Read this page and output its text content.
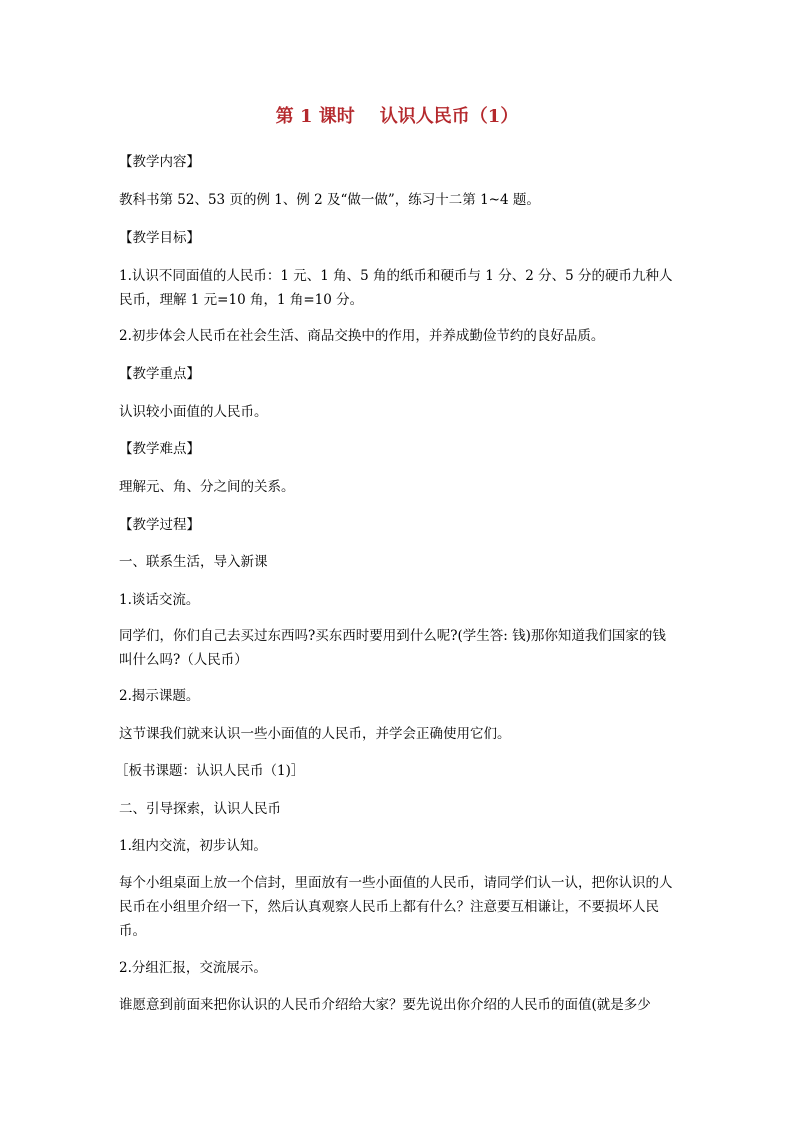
第 1 课时    认识人民币（1）

【教学内容】

教科书第 52、53 页的例 1、例 2 及“做一做”，练习十二第 1~4 题。

【教学目标】

1.认识不同面值的人民币：1 元、1 角、5 角的纸币和硬币与 1 分、2 分、5 分的硬币九种人民币，理解 1 元=10 角，1 角=10 分。

2.初步体会人民币在社会生活、商品交换中的作用，并养成勤俭节约的良好品质。

【教学重点】

认识较小面值的人民币。

【教学难点】

理解元、角、分之间的关系。

【教学过程】

一、联系生活，导入新课

1.谈话交流。

同学们，你们自己去买过东西吗?买东西时要用到什么呢?(学生答: 钱)那你知道我们国家的钱叫什么吗?（人民币）

2.揭示课题。

这节课我们就来认识一些小面值的人民币，并学会正确使用它们。

［板书课题：认识人民币（1)］

二、引导探索，认识人民币

1.组内交流，初步认知。

每个小组桌面上放一个信封，里面放有一些小面值的人民币，请同学们认一认，把你认识的人民币在小组里介绍一下，然后认真观察人民币上都有什么？注意要互相谦让，不要损坏人民币。

2.分组汇报，交流展示。

谁愿意到前面来把你认识的人民币介绍给大家？要先说出你介绍的人民币的面值(就是多少
